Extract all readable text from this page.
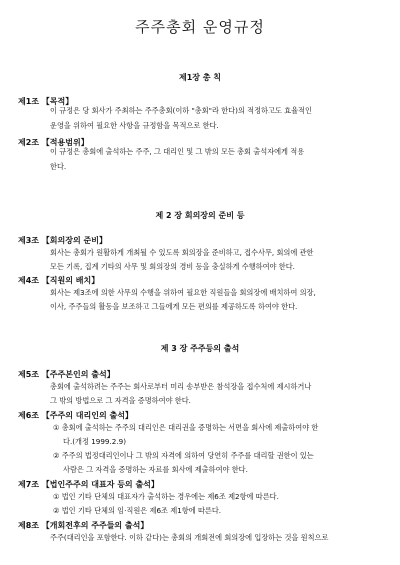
주주총회 운영규정
제1장 총 칙
제1조 【목적】
이 규정은 당 회사가 주최하는 주주총회(이하 "총회"라 한다)의 적정하고도 효율적인
운영을 위하여 필요한 사항을 규정함을 목적으로 한다.
제2조 【적용범위】
이 규정은 총회에 출석하는 주주, 그 대리인 및 그 밖의 모든 총회 출석자에게 적용
한다.
제 2 장 회의장의 준비 등
제3조 【회의장의 준비】
회사는 총회가 원활하게 개최될 수 있도록 회의장을 준비하고, 접수사무, 회의에 관한
모든 기록, 집계 기타의 사무 및 회의장의 경비 등을 충실하게 수행하여야 한다.
제4조 【직원의 배치】
회사는 제3조에 의한 사무의 수행을 위하여 필요한 직원들을 회의장에 배치하여 의장,
이사, 주주들의 활동을 보조하고 그들에게 모든 편의를 제공하도록 하여야 한다.
제 3 장 주주등의 출석
제5조 【주주본인의 출석】
총회에 출석하려는 주주는 회사로부터 미리 송부받은 참석장을 접수처에 제시하거나
그 밖의 방법으로 그 자격을 증명하여야 한다.
제6조 【주주의 대리인의 출석】
① 총회에 출석하는 주주의 대리인은 대리권을 증명하는 서면을 회사에 제출하여야 한
다.(개정 1999.2.9)
② 주주의 법정대리인이나 그 밖의 자격에 의하여 당연히 주주를 대리할 권한이 있는
사람은 그 자격을 증명하는 자료를 회사에 제출하여야 한다.
제7조 【법인주주의 대표자 등의 출석】
① 법인 기타 단체의 대표자가 출석하는 경우에는 제6조 제2항에 따른다.
② 법인 기타 단체의 임·직원은 제6조 제1항에 따른다.
제8조 【개회전후의 주주들의 출석】
주주(대리인을 포함한다. 이하 같다)는 총회의 개회전에 회의장에 입장하는 것을 원칙으로
